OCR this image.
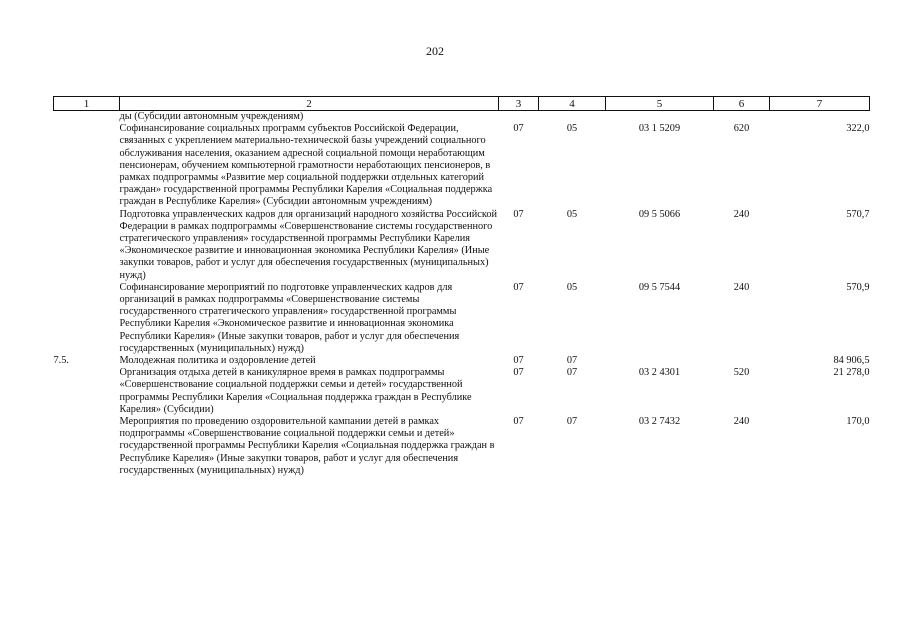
202
1	2	3	4	5	6	7
	ды (Субсидии автономным учреждениям)					
	Софинансирование социальных программ субъектов Российской Федерации, связанных с укреплением материально-технической базы учреждений социального обслуживания населения, оказанием адресной социальной помощи неработающим пенсионерам, обучением компьютерной грамотности неработающих пенсионеров, в рамках подпрограммы «Развитие мер социальной поддержки отдельных категорий граждан» государственной программы Республики Карелия «Социальная поддержка граждан в Республике Карелия» (Субсидии автономным учреждениям)	07	05	03 1 5209	620	322,0
	Подготовка управленческих кадров для организаций народного хозяйства Российской Федерации в рамках подпрограммы «Совершенствование системы государственного стратегического управления» государственной программы Республики Карелия «Экономическое развитие и инновационная экономика Республики Карелия» (Иные закупки товаров, работ и услуг для обеспечения государственных (муниципальных) нужд)	07	05	09 5 5066	240	570,7
	Софинансирование мероприятий по подготовке управленческих кадров для организаций в рамках подпрограммы «Совершенствование системы государственного стратегического управления» государственной программы Республики Карелия «Экономическое развитие и инновационная экономика Республики Карелия» (Иные закупки товаров, работ и услуг для обеспечения государственных (муниципальных) нужд)	07	05	09 5 7544	240	570,9
7.5.	Молодежная политика и оздоровление детей	07	07			84 906,5
	Организация отдыха детей в каникулярное время в рамках подпрограммы «Совершенствование социальной поддержки семьи и детей» государственной программы Республики Карелия «Социальная поддержка граждан в Республике Карелия» (Субсидии)	07	07	03 2 4301	520	21 278,0
	Мероприятия по проведению оздоровительной кампании детей в рамках подпрограммы «Совершенствование социальной поддержки семьи и детей» государственной программы Республики Карелия «Социальная поддержка граждан в Республике Карелия» (Иные закупки товаров, работ и услуг для обеспечения государственных (муниципальных) нужд)	07	07	03 2 7432	240	170,0
